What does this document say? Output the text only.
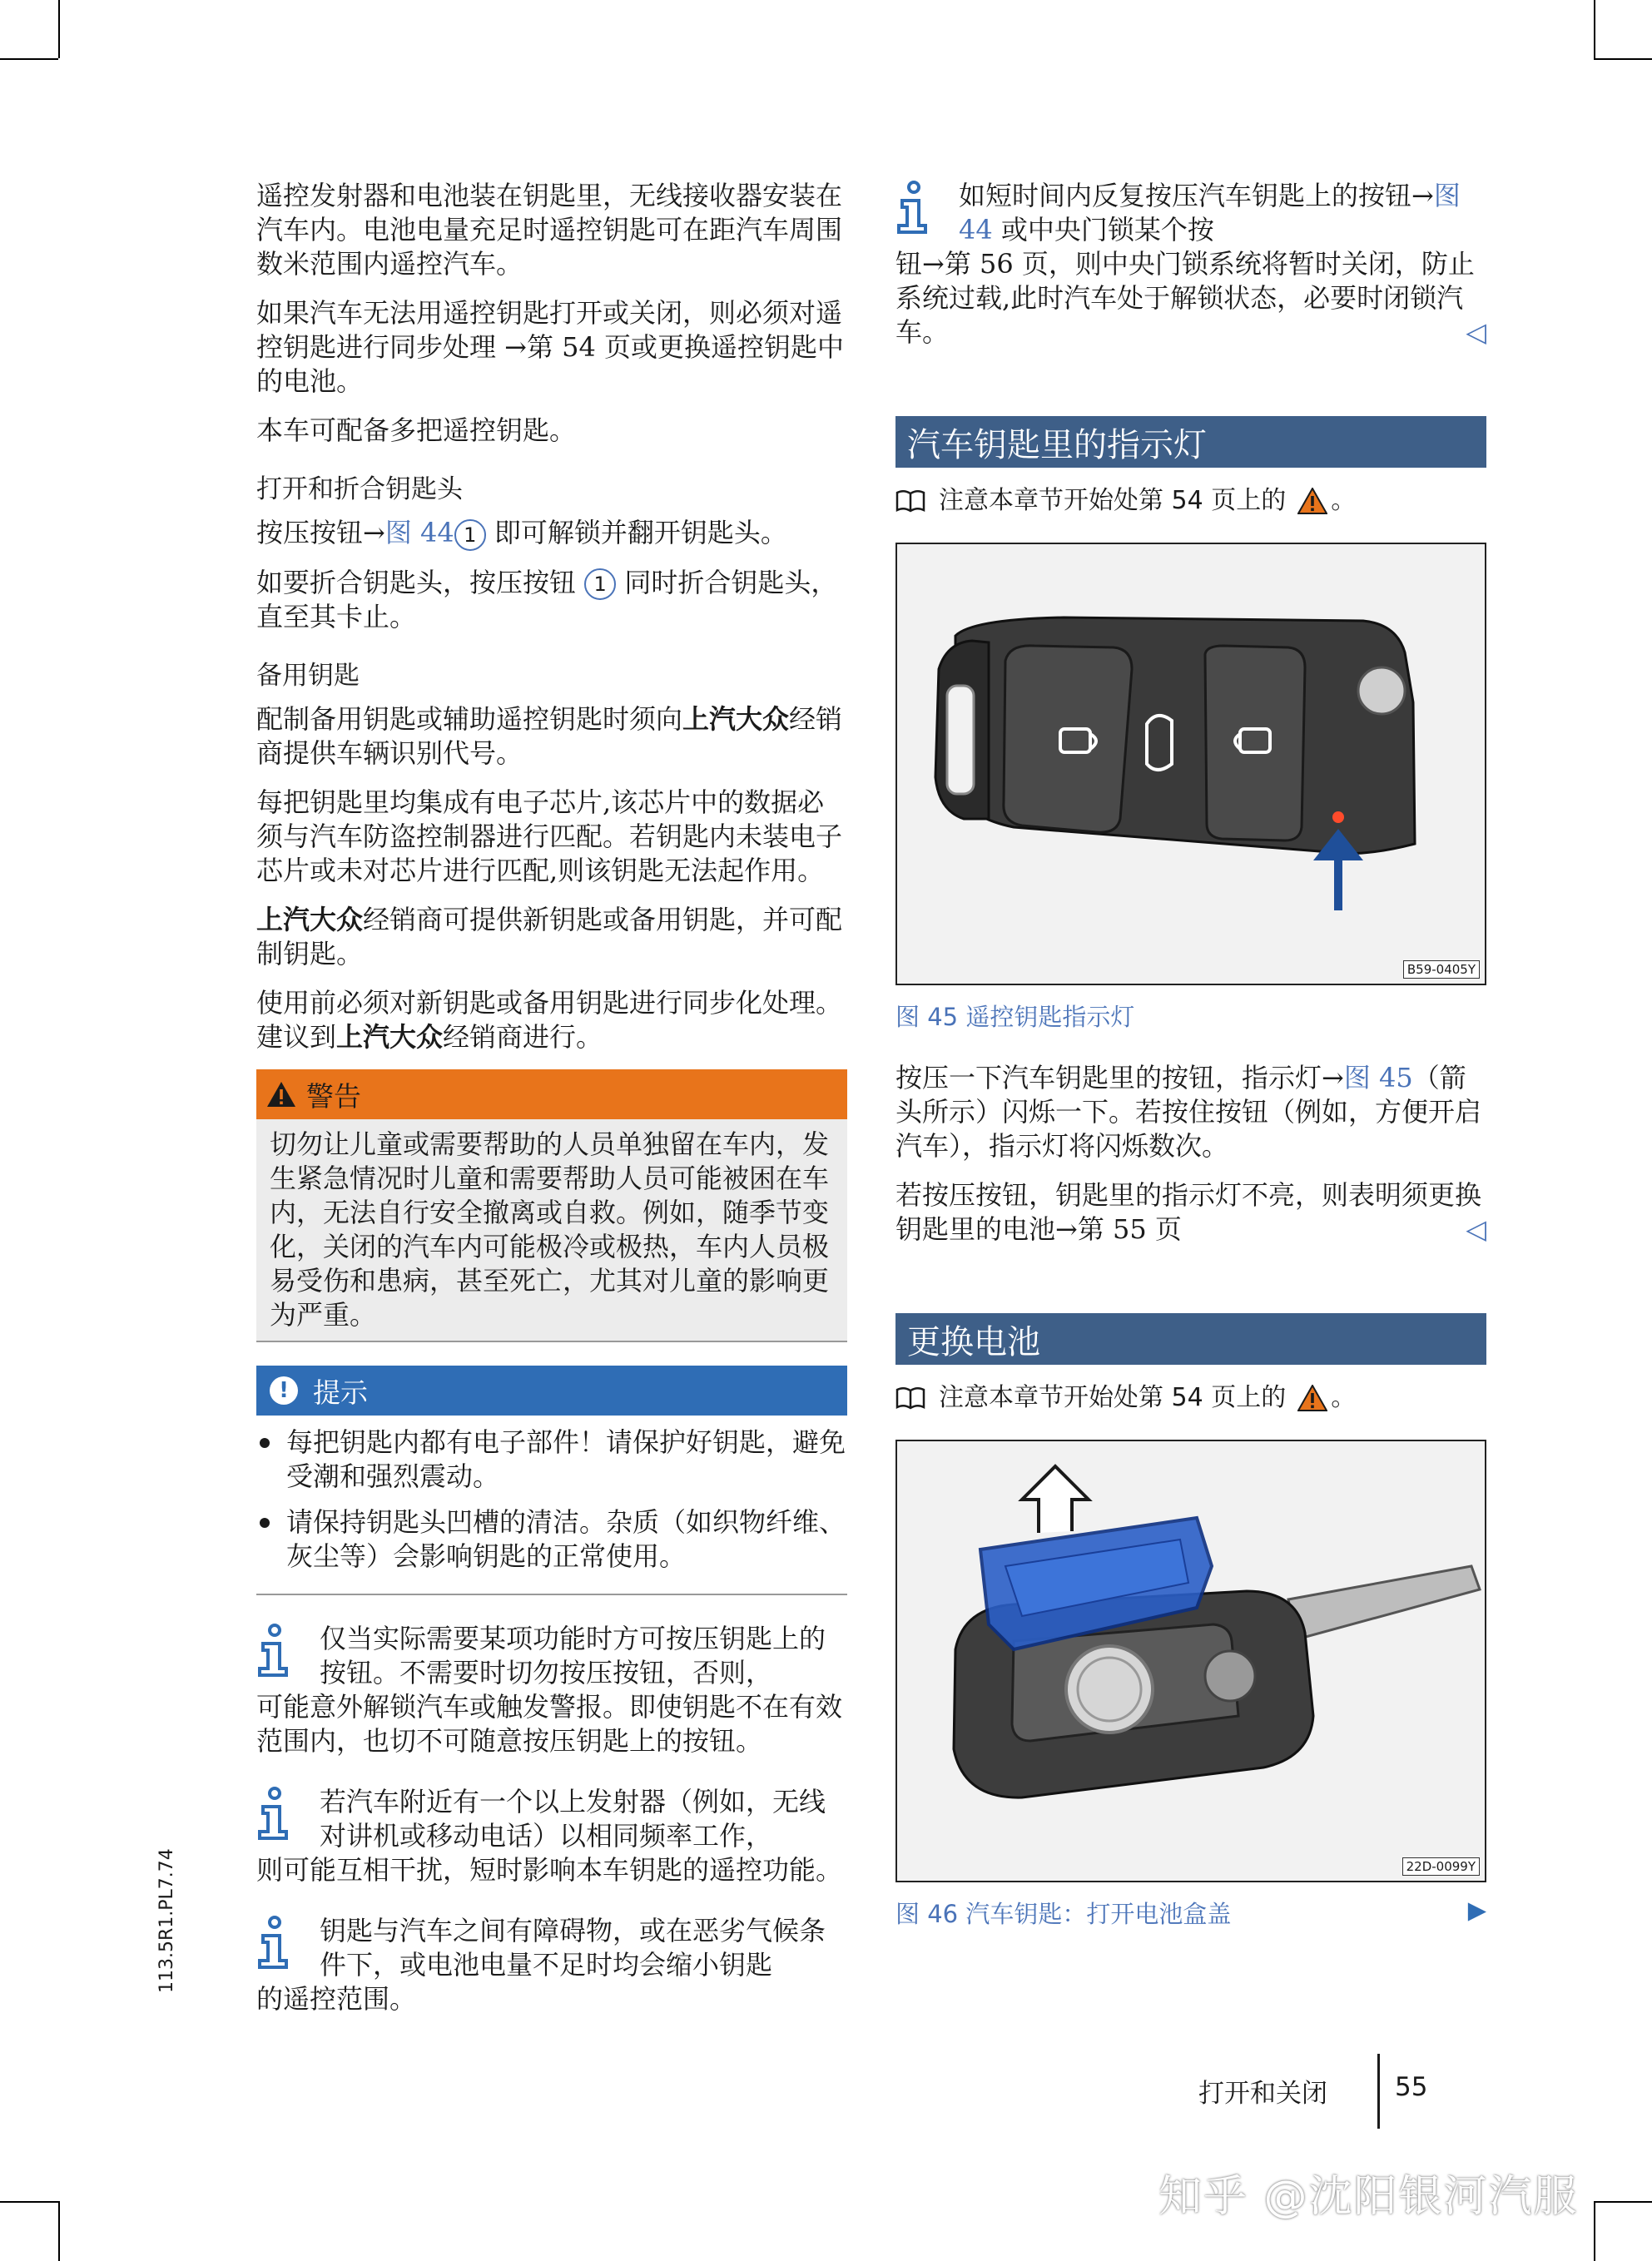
遥控发射器和电池装在钥匙里，无线接收器安装在汽车内。电池电量充足时遥控钥匙可在距汽车周围数米范围内遥控汽车。

如果汽车无法用遥控钥匙打开或关闭，则必须对遥控钥匙进行同步处理 →第 54 页或更换遥控钥匙中的电池。

本车可配备多把遥控钥匙。

打开和折合钥匙头

按压按钮→图 44 1 即可解锁并翻开钥匙头。

如要折合钥匙头，按压按钮 1 同时折合钥匙头，直至其卡止。

备用钥匙

配制备用钥匙或辅助遥控钥匙时须向上汽大众经销商提供车辆识别代号。

每把钥匙里均集成有电子芯片,该芯片中的数据必须与汽车防盗控制器进行匹配。若钥匙内未装电子芯片或未对芯片进行匹配,则该钥匙无法起作用。

上汽大众经销商可提供新钥匙或备用钥匙，并可配制钥匙。

使用前必须对新钥匙或备用钥匙进行同步化处理。建议到上汽大众经销商进行。

警告

切勿让儿童或需要帮助的人员单独留在车内，发生紧急情况时儿童和需要帮助人员可能被困在车内，无法自行安全撤离或自救。例如，随季节变化，关闭的汽车内可能极冷或极热，车内人员极易受伤和患病，甚至死亡，尤其对儿童的影响更为严重。

! 提示
每把钥匙内都有电子部件！请保护好钥匙，避免受潮和强烈震动。
请保持钥匙头凹槽的清洁。杂质（如织物纤维、灰尘等）会影响钥匙的正常使用。

仅当实际需要某项功能时方可按压钥匙上的按钮。不需要时切勿按压按钮，否则，
可能意外解锁汽车或触发警报。即使钥匙不在有效范围内，也切不可随意按压钥匙上的按钮。

若汽车附近有一个以上发射器（例如，无线对讲机或移动电话）以相同频率工作，
则可能互相干扰，短时影响本车钥匙的遥控功能。

钥匙与汽车之间有障碍物，或在恶劣气候条件下，或电池电量不足时均会缩小钥匙
的遥控范围。

如短时间内反复按压汽车钥匙上的按钮→图 44 或中央门锁某个按
钮→第 56 页，则中央门锁系统将暂时关闭，防止系统过载,此时汽车处于解锁状态，必要时闭锁汽车。	◁

汽车钥匙里的指示灯
注意本章节开始处第 54 页上的 。
B59-0405Y
图 45 遥控钥匙指示灯

按压一下汽车钥匙里的按钮，指示灯→图 45（箭头所示）闪烁一下。若按住按钮（例如，方便开启汽车），指示灯将闪烁数次。

若按压按钮，钥匙里的指示灯不亮，则表明须更换钥匙里的电池→第 55 页	◁

更换电池
注意本章节开始处第 54 页上的 。
22D-0099Y
图 46 汽车钥匙：打开电池盒盖	▶
113.5R1.PL7.74
打开和关闭	55
知乎 @沈阳银河汽服
